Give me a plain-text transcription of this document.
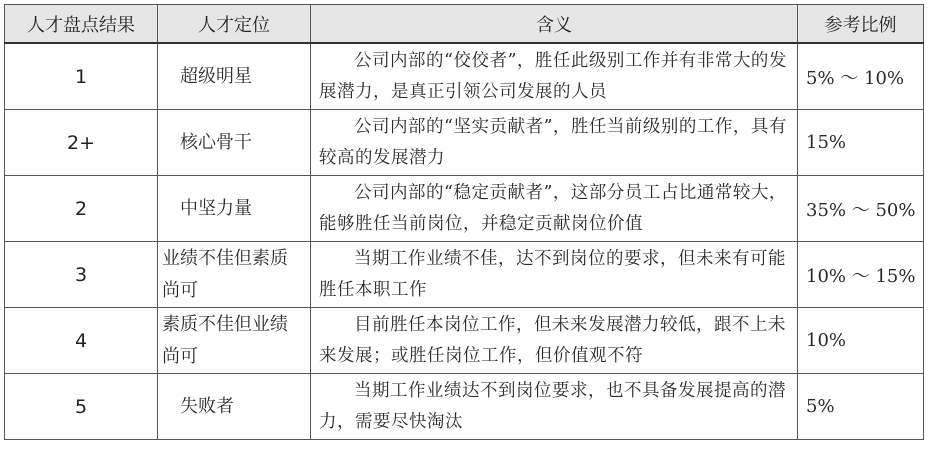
人才盘点结果	人才定位	含义	参考比例
1	超级明星	公司内部的“佼佼者”，胜任此级别工作并有非常大的发展潜力，是真正引领公司发展的人员	5% ～ 10%
2+	核心骨干	公司内部的“坚实贡献者”，胜任当前级别的工作，具有较高的发展潜力	15%
2	中坚力量	公司内部的“稳定贡献者”，这部分员工占比通常较大，能够胜任当前岗位，并稳定贡献岗位价值	35% ～ 50%
3	业绩不佳但素质尚可	当期工作业绩不佳，达不到岗位的要求，但未来有可能胜任本职工作	10% ～ 15%
4	素质不佳但业绩尚可	目前胜任本岗位工作，但未来发展潜力较低，跟不上未来发展；或胜任岗位工作，但价值观不符	10%
5	失败者	当期工作业绩达不到岗位要求，也不具备发展提高的潜力，需要尽快淘汰	5%
